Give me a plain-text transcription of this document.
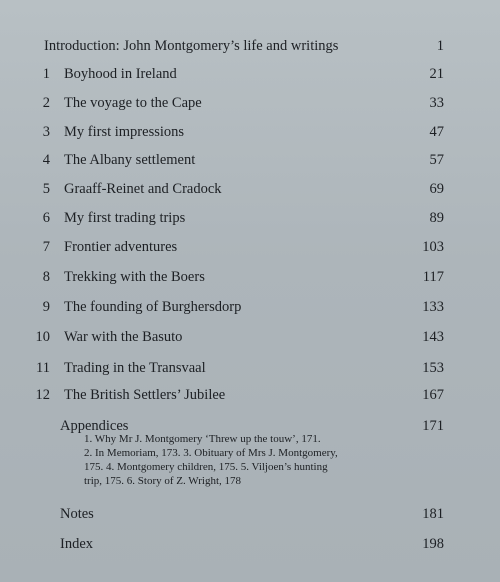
Introduction: John Montgomery’s life and writings	1
1 Boyhood in Ireland	21
2 The voyage to the Cape	33
3 My first impressions	47
4 The Albany settlement	57
5 Graaff-Reinet and Cradock	69
6 My first trading trips	89
7 Frontier adventures	103
8 Trekking with the Boers	117
9 The founding of Burghersdorp	133
10 War with the Basuto	143
11 Trading in the Transvaal	153
12 The British Settlers’ Jubilee	167
Appendices	171
1. Why Mr J. Montgomery ‘Threw up the touw’, 171.
2. In Memoriam, 173. 3. Obituary of Mrs J. Montgomery,
175. 4. Montgomery children, 175. 5. Viljoen’s hunting
trip, 175. 6. Story of Z. Wright, 178
Notes	181
Index	198
